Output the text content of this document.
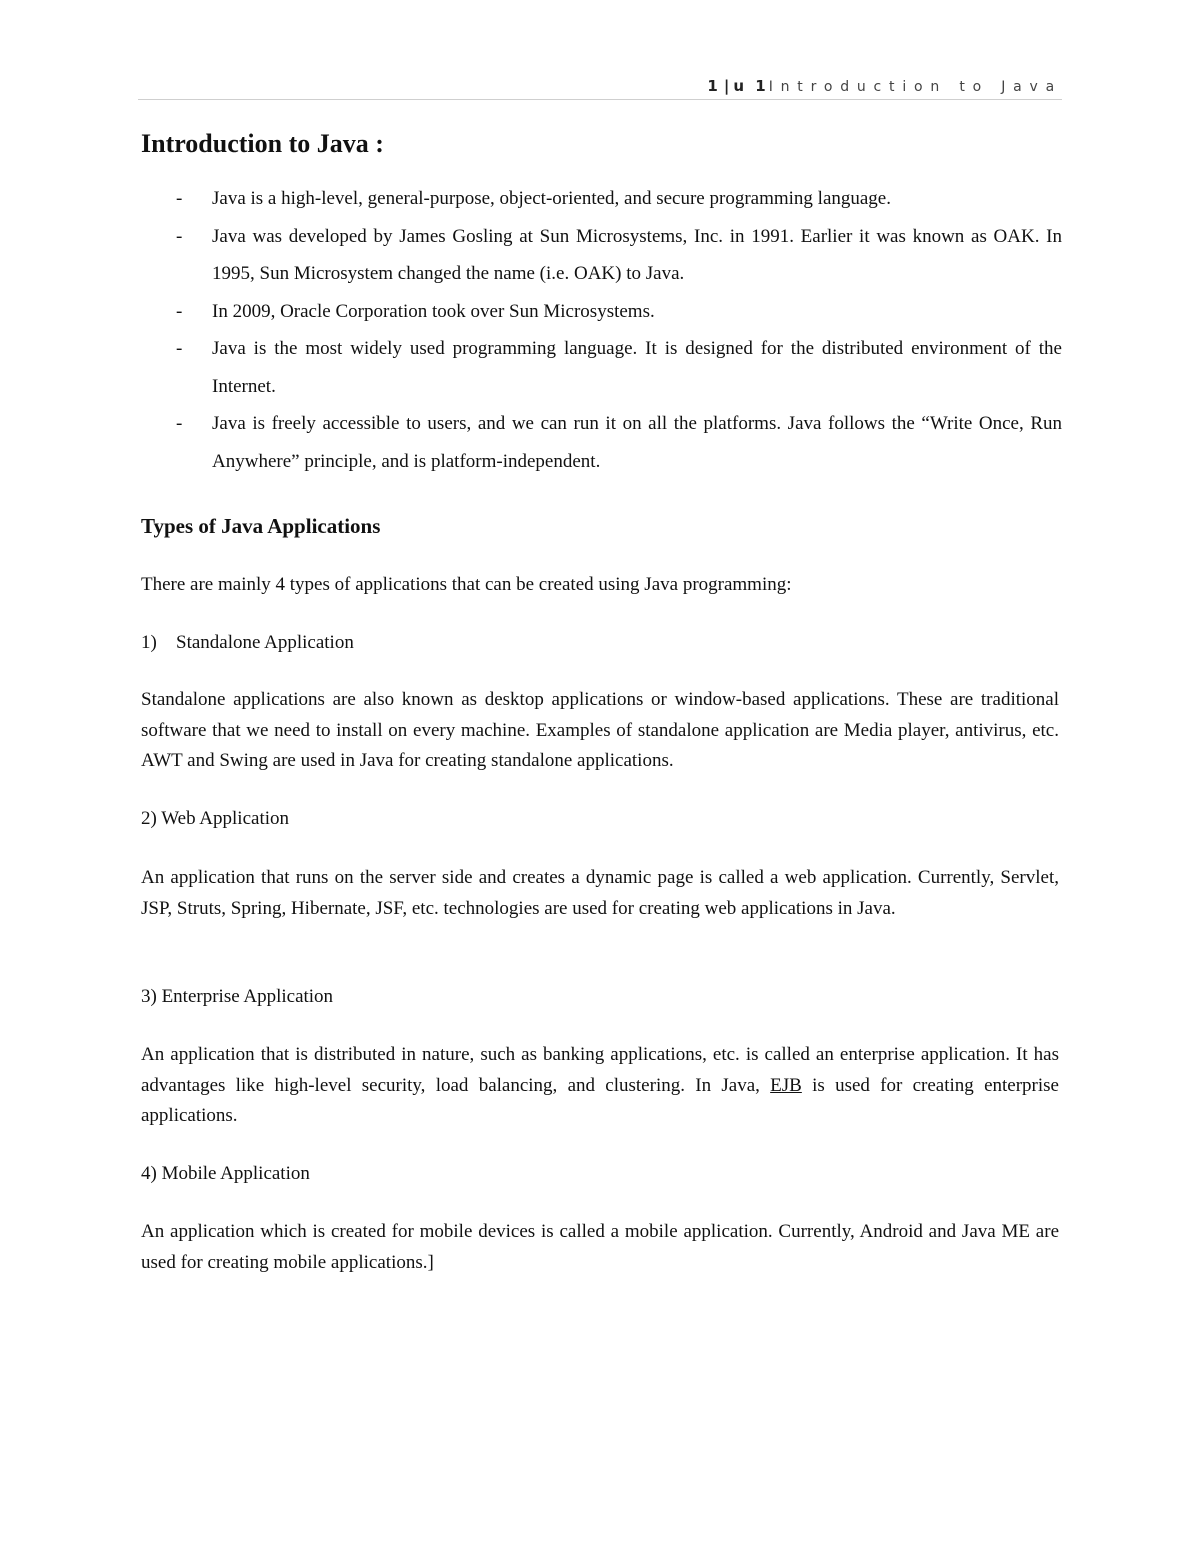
1 | u 1Introduction to Java
Introduction to Java :
- Java is a high-level, general-purpose, object-oriented, and secure programming language.
- Java was developed by James Gosling at Sun Microsystems, Inc. in 1991. Earlier it was known as OAK. In 1995, Sun Microsystem changed the name (i.e. OAK) to Java.
- In 2009, Oracle Corporation took over Sun Microsystems.
- Java is the most widely used programming language. It is designed for the distributed environment of the Internet.
- Java is freely accessible to users, and we can run it on all the platforms. Java follows the “Write Once, Run Anywhere” principle, and is platform-independent.
Types of Java Applications

There are mainly 4 types of applications that can be created using Java programming:

1) Standalone Application

Standalone applications are also known as desktop applications or window-based applications. These are traditional software that we need to install on every machine. Examples of standalone application are Media player, antivirus, etc. AWT and Swing are used in Java for creating standalone applications.

2) Web Application

An application that runs on the server side and creates a dynamic page is called a web application. Currently, Servlet, JSP, Struts, Spring, Hibernate, JSF, etc. technologies are used for creating web applications in Java.

3) Enterprise Application

An application that is distributed in nature, such as banking applications, etc. is called an enterprise application. It has advantages like high-level security, load balancing, and clustering. In Java, EJB is used for creating enterprise applications.

4) Mobile Application

An application which is created for mobile devices is called a mobile application. Currently, Android and Java ME are used for creating mobile applications.]
